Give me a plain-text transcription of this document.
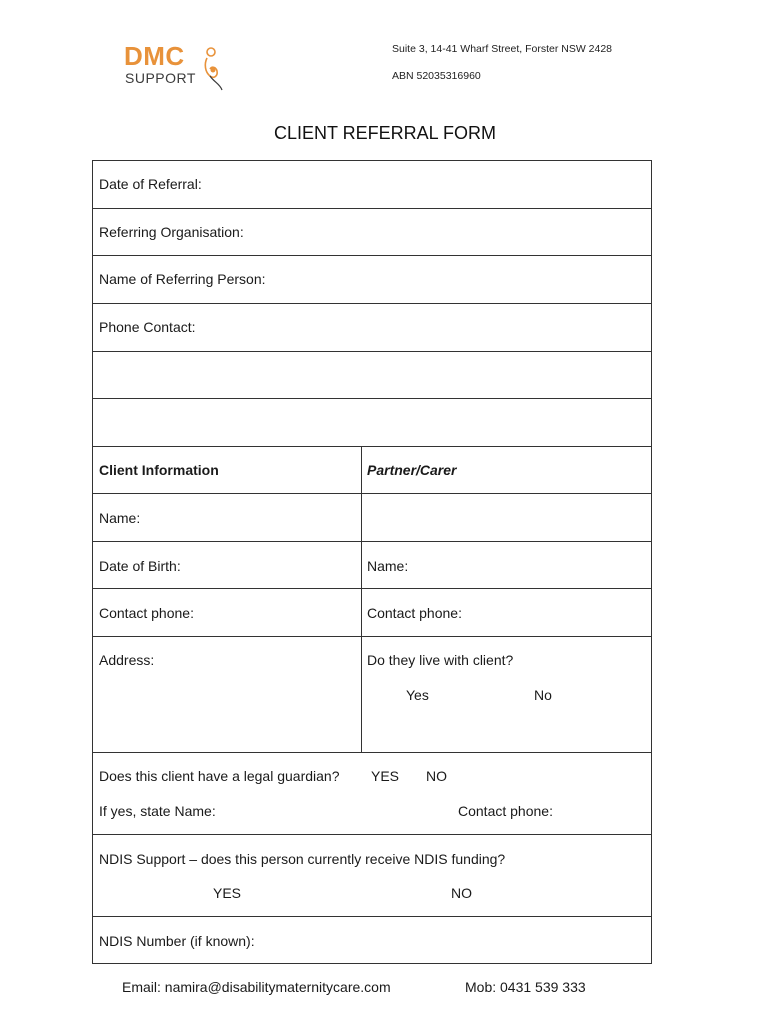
DMC
SUPPORT
Suite 3, 14-41 Wharf Street, Forster NSW 2428
ABN 52035316960
CLIENT REFERRAL FORM
Date of Referral:
Referring Organisation:
Name of Referring Person:
Phone Contact:
Client Information	Partner/Carer
Name:
Date of Birth:	Name:
Contact phone:	Contact phone:
Address:	Do they live with client?
Yes	No
Does this client have a legal guardian? YES NO
If yes, state Name:	Contact phone:
NDIS Support – does this person currently receive NDIS funding?
YES	NO
NDIS Number (if known):
Email: namira@disabilitymaternitycare.com	Mob: 0431 539 333
